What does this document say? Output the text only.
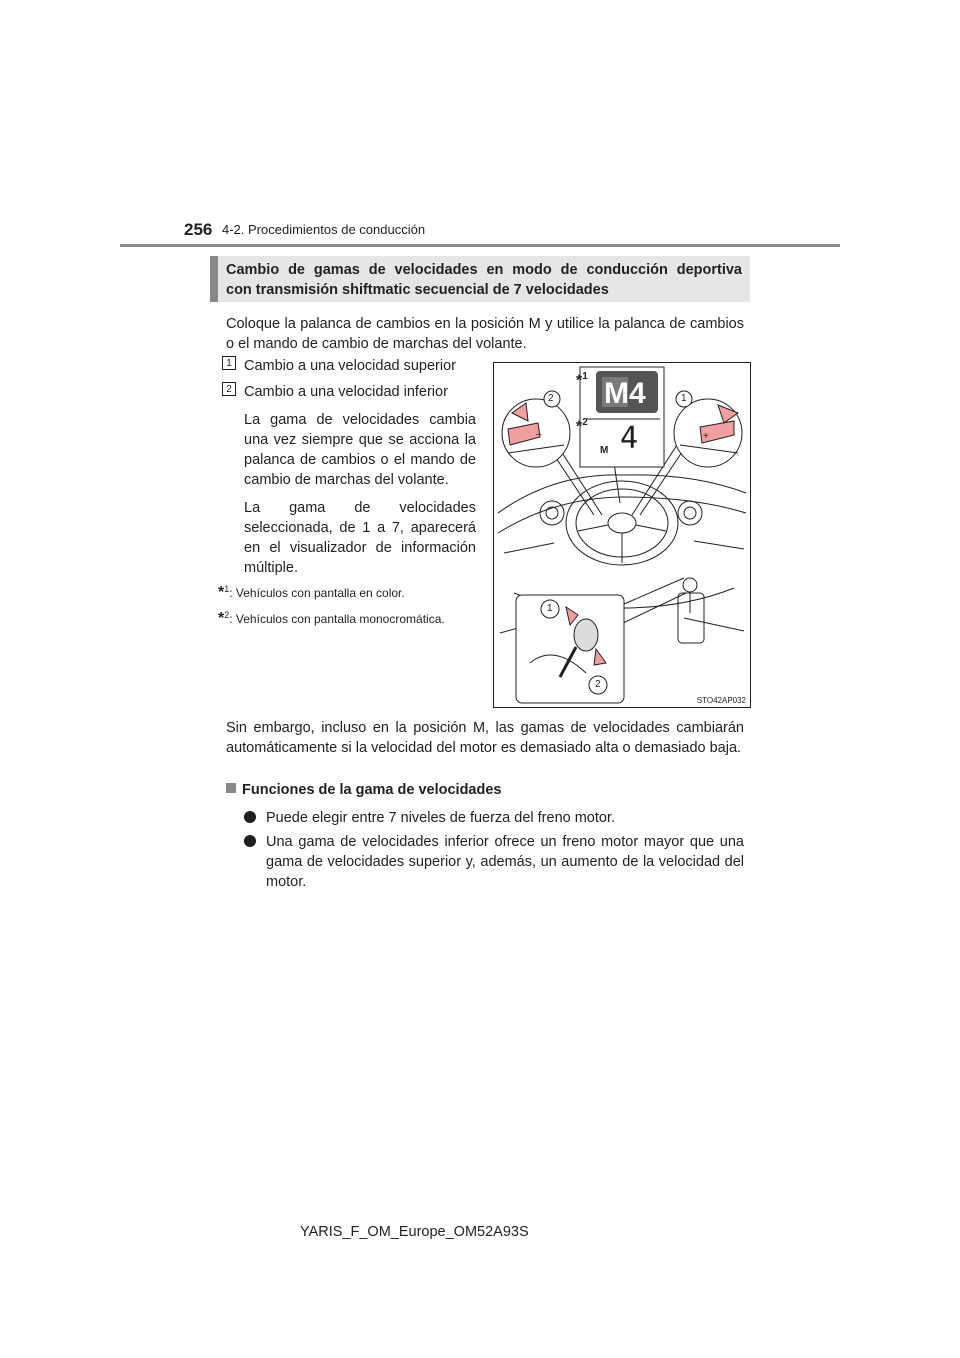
256 4-2. Procedimientos de conducción
Cambio de gamas de velocidades en modo de conducción deportiva
con transmisión shiftmatic secuencial de 7 velocidades
Coloque la palanca de cambios en la posición M y utilice la palanca de cambios o el mando de cambio de marchas del volante.
1 Cambio a una velocidad superior
2 Cambio a una velocidad inferior
La gama de velocidades cambia una vez siempre que se acciona la palanca de cambios o el mando de cambio de marchas del volante.
La gama de velocidades seleccionada, de 1 a 7, aparecerá en el visualizador de información múltiple.
*$^1$: Vehículos con pantalla en color.
*$^2$: Vehículos con pantalla monocromática.
M4
*$^1$
*$^2$ 4
M
2	1
–	+
1
2
STO42AP032
Sin embargo, incluso en la posición M, las gamas de velocidades cambiarán automáticamente si la velocidad del motor es demasiado alta o demasiado baja.
Funciones de la gama de velocidades
Puede elegir entre 7 niveles de fuerza del freno motor.
Una gama de velocidades inferior ofrece un freno motor mayor que una gama de velocidades superior y, además, un aumento de la velocidad del motor.
YARIS_F_OM_Europe_OM52A93S
